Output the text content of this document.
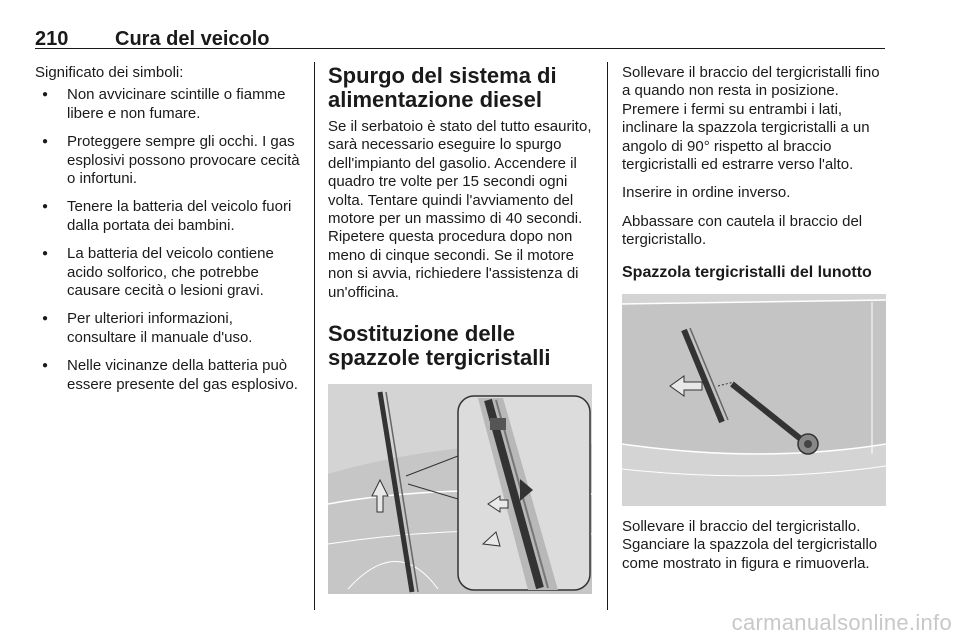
210 Cura del veicolo

Significato dei simboli:

● Non avvicinare scintille o fiamme libere e non fumare.
● Proteggere sempre gli occhi. I gas esplosivi possono provocare cecità o infortuni.
● Tenere la batteria del veicolo fuori dalla portata dei bambini.
● La batteria del veicolo contiene acido solforico, che potrebbe causare cecità o lesioni gravi.
● Per ulteriori informazioni, consultare il manuale d'uso.
● Nelle vicinanze della batteria può essere presente del gas esplosivo.
Spurgo del sistema di alimentazione diesel

Se il serbatoio è stato del tutto esaurito, sarà necessario eseguire lo spurgo dell'impianto del gasolio. Accendere il quadro tre volte per 15 secondi ogni volta. Tentare quindi l'avviamento del motore per un massimo di 40 secondi. Ripetere questa procedura dopo non meno di cinque secondi. Se il motore non si avvia, richiedere l'assistenza di un'officina.

Sostituzione delle spazzole tergicristalli

Sollevare il braccio del tergicristalli fino a quando non resta in posizione. Premere i fermi su entrambi i lati, inclinare la spazzola tergicristalli a un angolo di 90° rispetto al braccio tergicristalli ed estrarre verso l'alto.

Inserire in ordine inverso.

Abbassare con cautela il braccio del tergicristallo.

Spazzola tergicristalli del lunotto

Sollevare il braccio del tergicristallo. Sganciare la spazzola del tergicristallo come mostrato in figura e rimuoverla.

carmanualsonline.info
